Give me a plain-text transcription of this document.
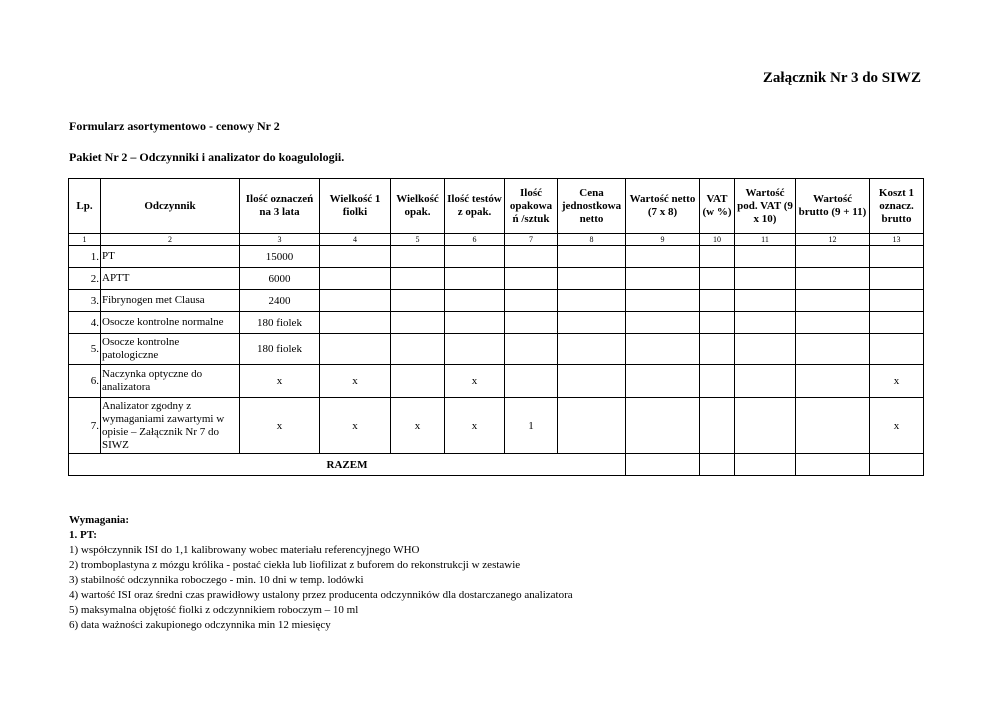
Załącznik Nr 3 do SIWZ
Formularz asortymentowo - cenowy Nr 2
Pakiet Nr 2 – Odczynniki i analizator do koagulologii.
Lp.	Odczynnik	Ilość oznaczeń na 3 lata	Wielkość 1 fiolki	Wielkość opak.	Ilość testów z opak.	Ilość opakowa ń /sztuk	Cena jednostkowa netto	Wartość netto (7 x 8)	VAT (w %)	Wartość pod. VAT (9 x 10)	Wartość brutto (9 + 11)	Koszt 1 oznacz. brutto
1	2	3	4	5	6	7	8	9	10	11	12	13
1.	PT	15000										
2.	APTT	6000										
3.	Fibrynogen met Clausa	2400										
4.	Osocze kontrolne normalne	180 fiolek										
5.	Osocze kontrolne patologiczne	180 fiolek										
6.	Naczynka optyczne do analizatora	x	x		x							x
7.	Analizator zgodny z wymaganiami zawartymi w opisie – Załącznik Nr 7 do SIWZ	x	x	x	x	1						x
RAZEM												
Wymagania:
1. PT:
1) współczynnik ISI do 1,1 kalibrowany wobec materiału referencyjnego WHO
2) tromboplastyna z mózgu królika - postać ciekła lub liofilizat z buforem do rekonstrukcji w zestawie
3) stabilność odczynnika roboczego - min. 10 dni w temp. lodówki
4) wartość ISI oraz średni czas prawidłowy ustalony przez producenta odczynników dla dostarczanego analizatora
5) maksymalna objętość fiolki z odczynnikiem roboczym – 10 ml
6) data ważności zakupionego odczynnika min 12 miesięcy
